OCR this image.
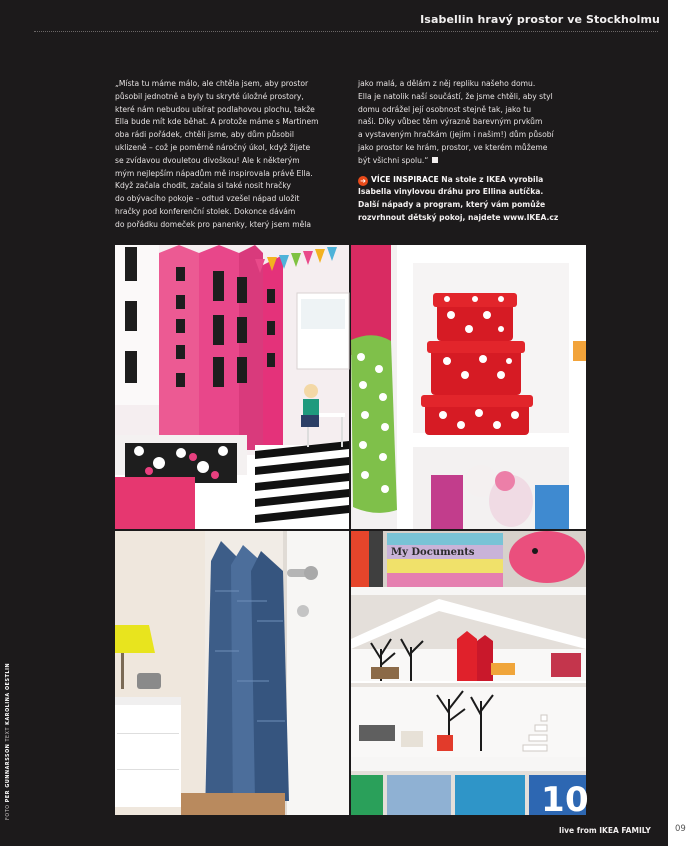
Isabellin hravý prostor ve Stockholmu

„Místa tu máme málo, ale chtěla jsem, aby prostor

působil jednotně a byly tu skryté úložné prostory,

které nám nebudou ubírat podlahovou plochu, takže

Ella bude mít kde běhat. A protože máme s Martinem

oba rádi pořádek, chtěli jsme, aby dům působil

uklizeně – což je poměrně náročný úkol, když žijete

se zvídavou dvouletou divoškou! Ale k některým

mým nejlepším nápadům mě inspirovala právě Ella.

Když začala chodit, začala si také nosit hračky

do obývacího pokoje – odtud vzešel nápad uložit

hračky pod konferenční stolek. Dokonce dávám

do pořádku domeček pro panenky, který jsem měla

jako malá, a dělám z něj repliku našeho domu.

Ella je natolik naší součástí, že jsme chtěli, aby styl

domu odrážel její osobnost stejně tak, jako tu

naši. Díky vůbec těm výrazně barevným prvkům

a vystaveným hračkám (jejím i našim!) dům působí

jako prostor ke hrám, prostor, ve kterém můžeme

být všichni spolu.“

➜ VÍCE INSPIRACE Na stole z IKEA vyrobila

Isabella vinylovou dráhu pro Ellina autíčka.

Další nápady a program, který vám pomůže

rozvrhnout dětský pokoj, najdete www.IKEA.cz

1 0
My Documents
FOTO PER GUNNARSSON TEXT KAROLINA OESTLIN
live from IKEA FAMILY	09
